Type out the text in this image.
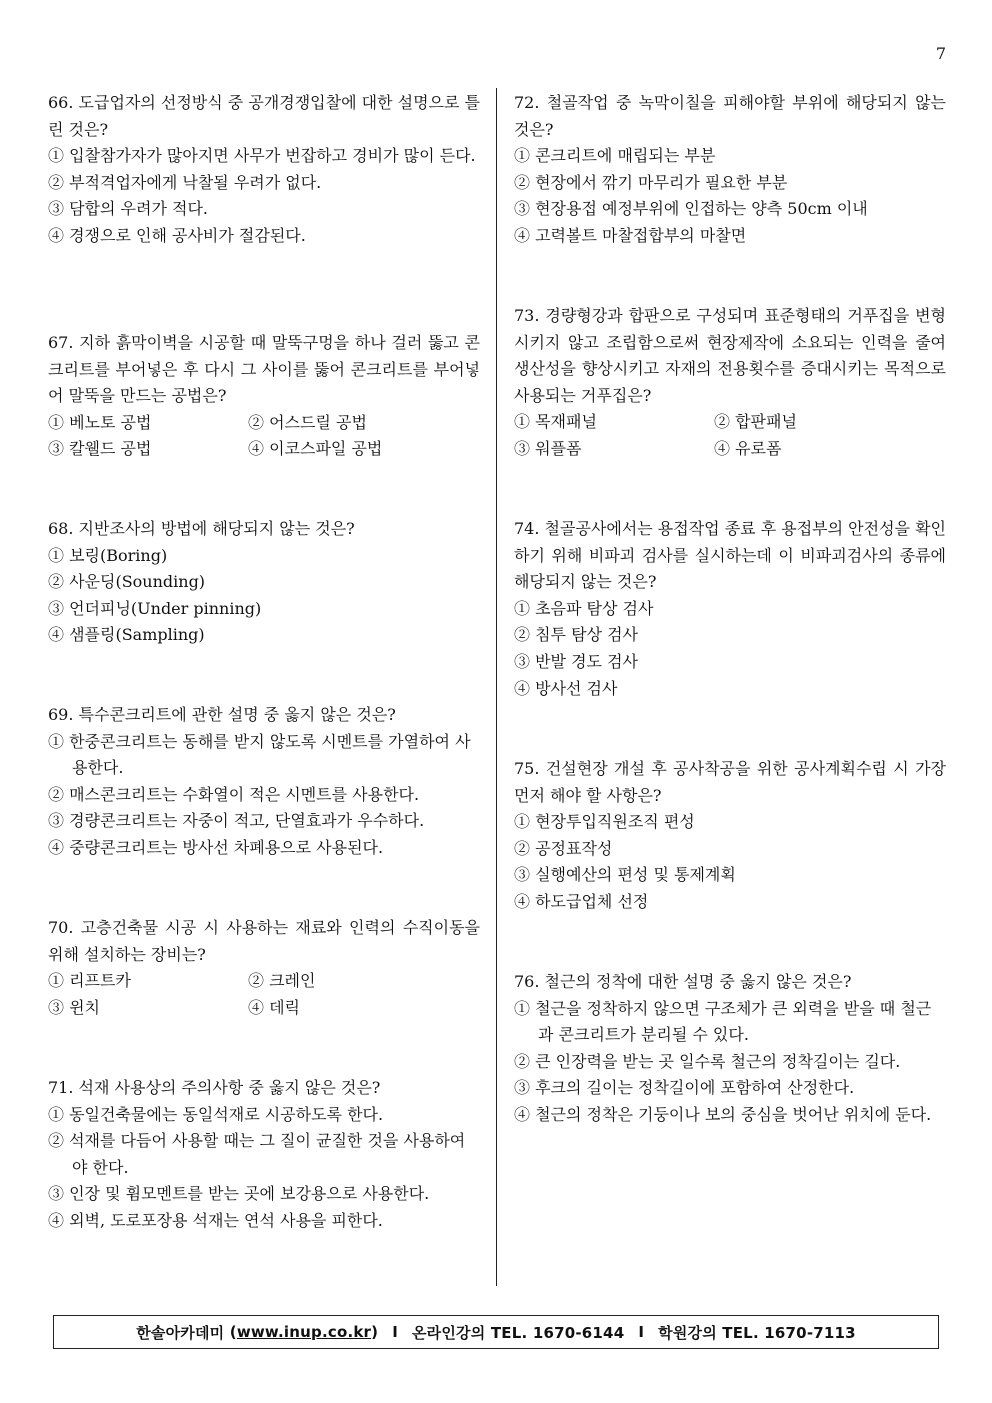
7
66. 도급업자의 선정방식 중 공개경쟁입찰에 대한 설명으로 틀린 것은?
① 입찰참가자가 많아지면 사무가 번잡하고 경비가 많이 든다.
② 부적격업자에게 낙찰될 우려가 없다.
③ 담합의 우려가 적다.
④ 경쟁으로 인해 공사비가 절감된다.
67. 지하 흙막이벽을 시공할 때 말뚝구멍을 하나 걸러 뚫고 콘크리트를 부어넣은 후 다시 그 사이를 뚫어 콘크리트를 부어넣어 말뚝을 만드는 공법은?
① 베노토 공법	② 어스드릴 공법
③ 칼웰드 공법	④ 이코스파일 공법
68. 지반조사의 방법에 해당되지 않는 것은?
① 보링(Boring)
② 사운딩(Sounding)
③ 언더피닝(Under pinning)
④ 샘플링(Sampling)
69. 특수콘크리트에 관한 설명 중 옳지 않은 것은?
① 한중콘크리트는 동해를 받지 않도록 시멘트를 가열하여 사용한다.
② 매스콘크리트는 수화열이 적은 시멘트를 사용한다.
③ 경량콘크리트는 자중이 적고, 단열효과가 우수하다.
④ 중량콘크리트는 방사선 차폐용으로 사용된다.
70. 고층건축물 시공 시 사용하는 재료와 인력의 수직이동을 위해 설치하는 장비는?
① 리프트카	② 크레인
③ 윈치	④ 데릭
71. 석재 사용상의 주의사항 중 옳지 않은 것은?
① 동일건축물에는 동일석재로 시공하도록 한다.
② 석재를 다듬어 사용할 때는 그 질이 균질한 것을 사용하여야 한다.
③ 인장 및 휨모멘트를 받는 곳에 보강용으로 사용한다.
④ 외벽, 도로포장용 석재는 연석 사용을 피한다.
72. 철골작업 중 녹막이칠을 피해야할 부위에 해당되지 않는 것은?
① 콘크리트에 매립되는 부분
② 현장에서 깎기 마무리가 필요한 부분
③ 현장용접 예정부위에 인접하는 양측 50cm 이내
④ 고력볼트 마찰접합부의 마찰면
73. 경량형강과 합판으로 구성되며 표준형태의 거푸집을 변형시키지 않고 조립함으로써 현장제작에 소요되는 인력을 줄여 생산성을 향상시키고 자재의 전용횟수를 증대시키는 목적으로 사용되는 거푸집은?
① 목재패널	② 합판패널
③ 워플폼	④ 유로폼
74. 철골공사에서는 용접작업 종료 후 용접부의 안전성을 확인하기 위해 비파괴 검사를 실시하는데 이 비파괴검사의 종류에 해당되지 않는 것은?
① 초음파 탐상 검사
② 침투 탐상 검사
③ 반발 경도 검사
④ 방사선 검사
75. 건설현장 개설 후 공사착공을 위한 공사계획수립 시 가장 먼저 해야 할 사항은?
① 현장투입직원조직 편성
② 공정표작성
③ 실행예산의 편성 및 통제계획
④ 하도급업체 선정
76. 철근의 정착에 대한 설명 중 옳지 않은 것은?
① 철근을 정착하지 않으면 구조체가 큰 외력을 받을 때 철근과 콘크리트가 분리될 수 있다.
② 큰 인장력을 받는 곳 일수록 철근의 정착길이는 길다.
③ 후크의 길이는 정착길이에 포함하여 산정한다.
④ 철근의 정착은 기둥이나 보의 중심을 벗어난 위치에 둔다.
한솔아카데미 ( www.inup.co.kr ) I 온라인강의 TEL. 1670-6144 I 학원강의 TEL. 1670-7113
